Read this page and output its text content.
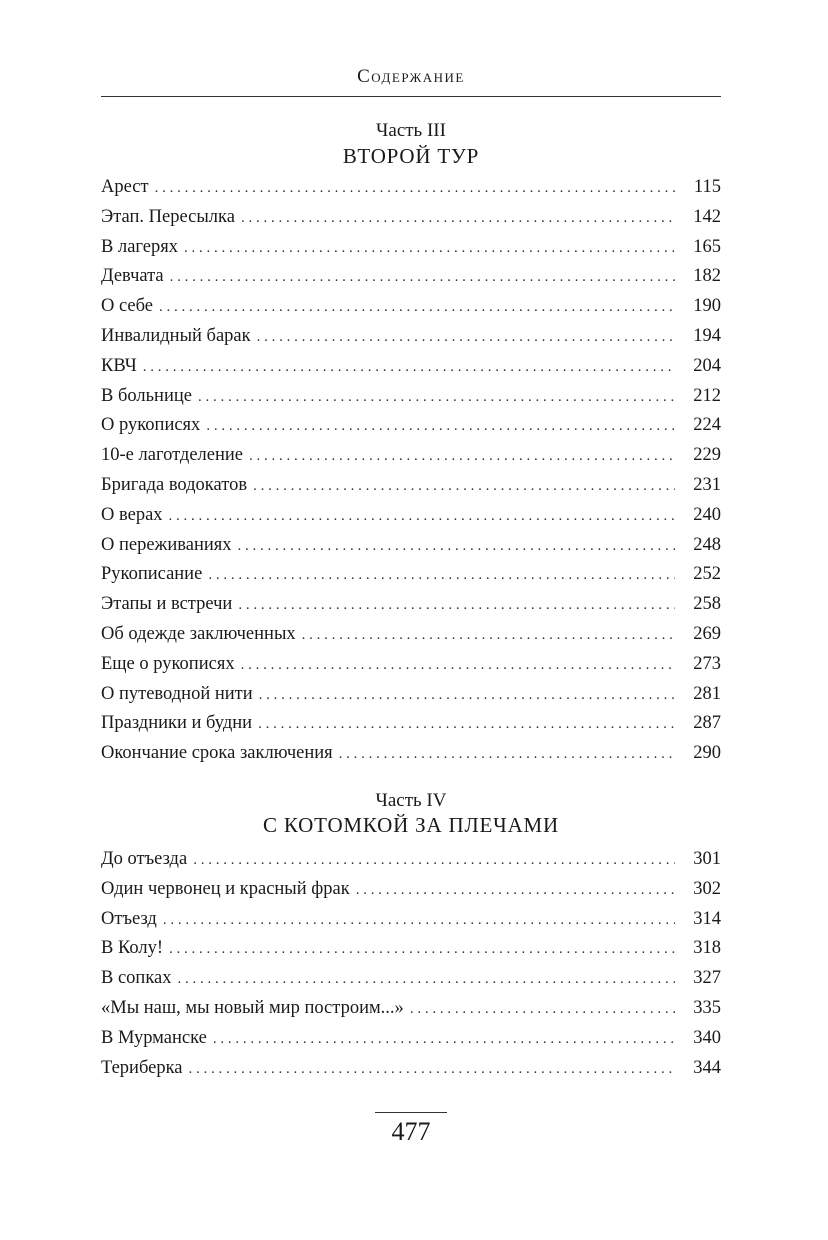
Содержание
Часть III
ВТОРОЙ ТУР
Арест . . .	115
Этап. Пересылка . . .	142
В лагерях . . .	165
Девчата . . .	182
О себе . . .	190
Инвалидный барак . . .	194
КВЧ . . .	204
В больнице . . .	212
О рукописях . . .	224
10-е лаготделение . . .	229
Бригада водокатов . . .	231
О верах . . .	240
О переживаниях . . .	248
Рукописание . . .	252
Этапы и встречи . . .	258
Об одежде заключенных . . .	269
Еще о рукописях . . .	273
О путеводной нити . . .	281
Праздники и будни . . .	287
Окончание срока заключения . . .	290
Часть IV
С КОТОМКОЙ ЗА ПЛЕЧАМИ
До отъезда . . .	301
Один червонец и красный фрак . . .	302
Отъезд . . .	314
В Колу! . . .	318
В сопках . . .	327
«Мы наш, мы новый мир построим...» . . .	335
В Мурманске . . .	340
Териберка . . .	344
477
